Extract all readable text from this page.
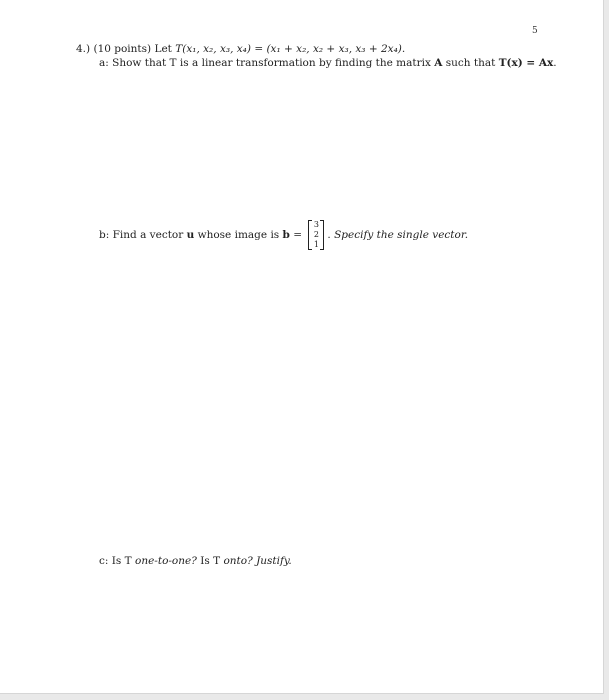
5
4.) (10 points) Let T(x₁, x₂, x₃, x₄) = (x₁ + x₂, x₂ + x₃, x₃ + 2x₄).
a: Show that T is a linear transformation by finding the matrix A such that T(x) = Ax.
b: Find a vector u whose image is b =
3
2
1
. Specify the single vector.
c: Is T one-to-one? Is T onto? Justify.
